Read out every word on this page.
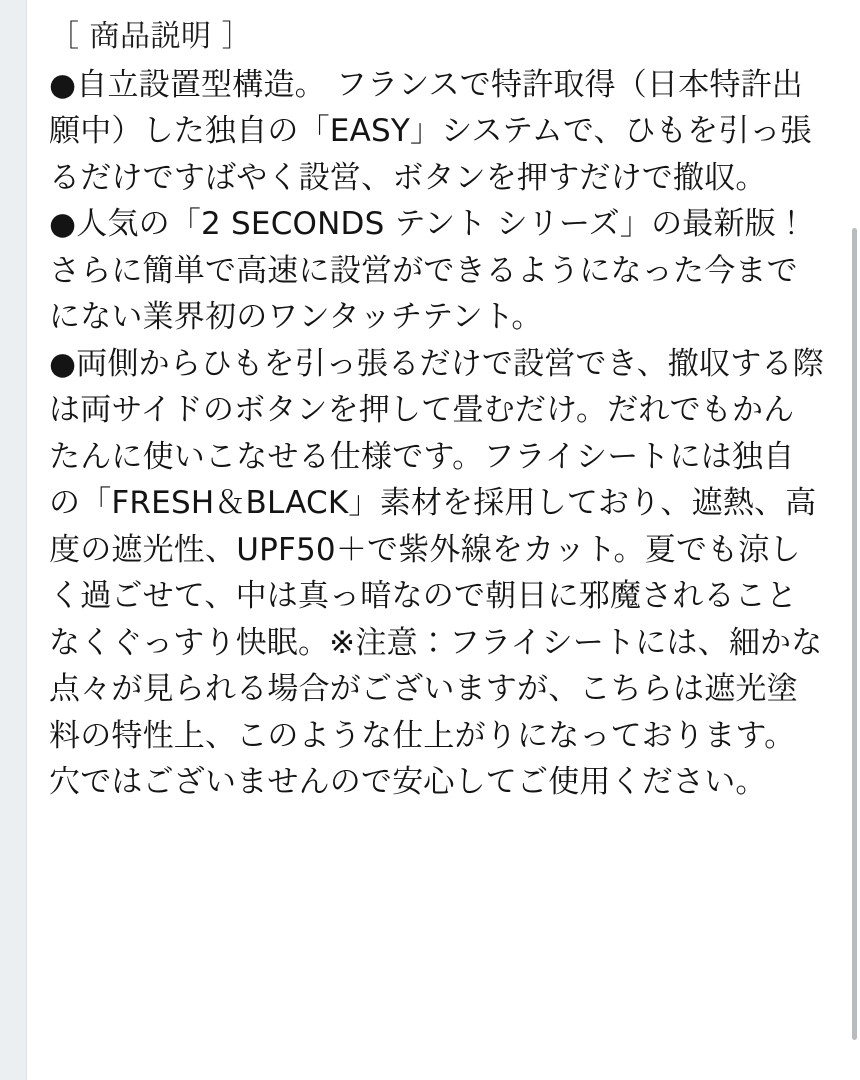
［ 商品説明 ］

●自立設置型構造。 フランスで特許取得（日本特許出願中）した独自の「EASY」システムで、ひもを引っ張るだけですばやく設営、ボタンを押すだけで撤収。

●人気の「2 SECONDS テント シリーズ」の最新版！さらに簡単で高速に設営ができるようになった今までにない業界初のワンタッチテント。

●両側からひもを引っ張るだけで設営でき、撤収する際は両サイドのボタンを押して畳むだけ。だれでもかんたんに使いこなせる仕様です。フライシートには独自の「FRESH＆BLACK」素材を採用しており、遮熱、高度の遮光性、UPF50＋で紫外線をカット。夏でも涼しく過ごせて、中は真っ暗なので朝日に邪魔されることなくぐっすり快眠。※注意：フライシートには、細かな点々が見られる場合がございますが、こちらは遮光塗料の特性上、このような仕上がりになっております。穴ではございませんので安心してご使用ください。
